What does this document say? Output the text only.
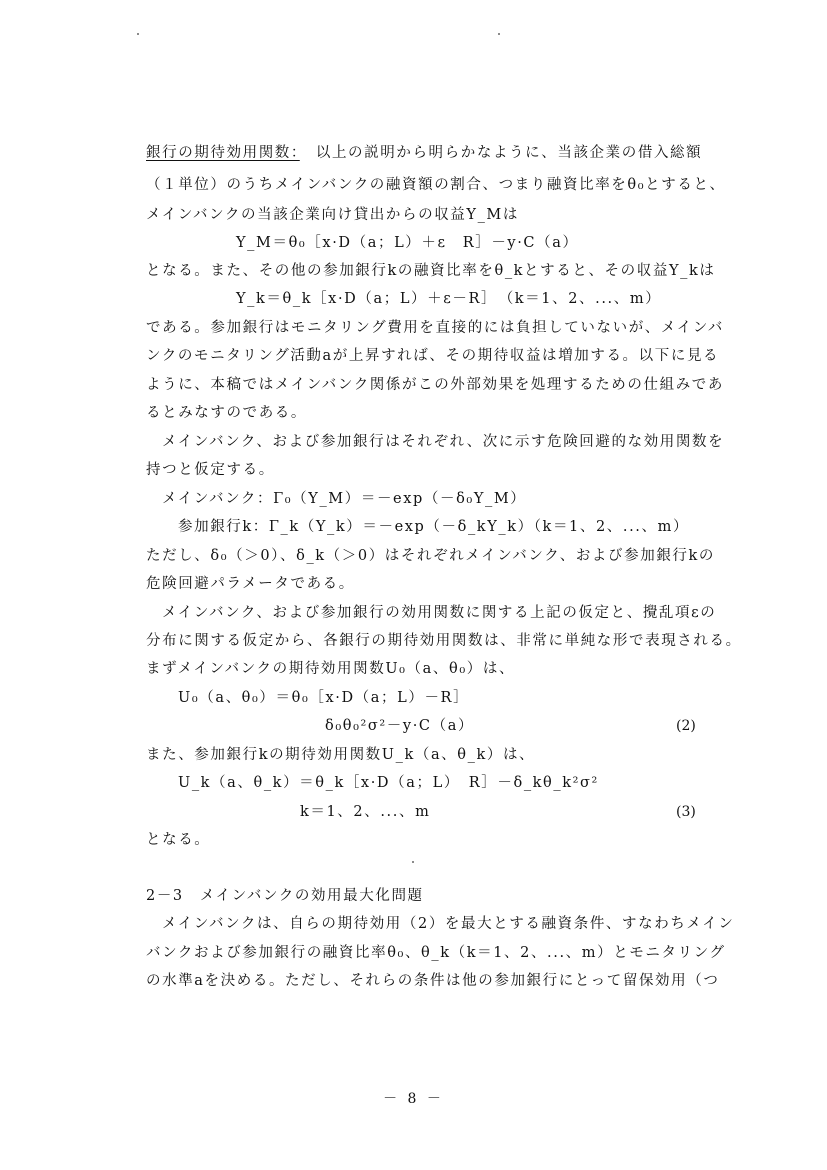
銀行の期待効用関数：　以上の説明から明らかなように、当該企業の借入総額
（１単位）のうちメインバンクの融資額の割合、つまり融資比率をθ₀とすると、
メインバンクの当該企業向け貸出からの収益Y_Mは
Y_M＝θ₀［x·D（a；L）＋ε　R］－y·C（a）
となる。また、その他の参加銀行kの融資比率をθ_kとすると、その収益Y_kは
Y_k＝θ_k［x·D（a；L）＋ε－R］　（k＝1、2、...、m）
である。参加銀行はモニタリング費用を直接的には負担していないが、メインバ
ンクのモニタリング活動aが上昇すれば、その期待収益は増加する。以下に見る
ように、本稿ではメインバンク関係がこの外部効果を処理するための仕組みであ
るとみなすのである。
メインバンク、および参加銀行はそれぞれ、次に示す危険回避的な効用関数を
持つと仮定する。
メインバンク：Γ₀（Y_M）＝－exp（－δ₀Y_M）
参加銀行k：Γ_k（Y_k）＝－exp（－δ_kY_k）（k＝1、2、...、m）
ただし、δ₀（＞0）、δ_k（＞0）はそれぞれメインバンク、および参加銀行kの
危険回避パラメータである。
メインバンク、および参加銀行の効用関数に関する上記の仮定と、攪乱項εの
分布に関する仮定から、各銀行の期待効用関数は、非常に単純な形で表現される。
まずメインバンクの期待効用関数U₀（a、θ₀）は、
U₀（a、θ₀）＝θ₀［x·D（a；L）－R］
δ₀θ₀²σ²－y·C（a）	(2)
また、参加銀行kの期待効用関数U_k（a、θ_k）は、
U_k（a、θ_k）＝θ_k［x·D（a；L）　R］－δ_kθ_k²σ²
k＝1、2、...、m	(3)
となる。
2－3　メインバンクの効用最大化問題
メインバンクは、自らの期待効用（2）を最大とする融資条件、すなわちメイン
バンクおよび参加銀行の融資比率θ₀、θ_k（k＝1、2、...、m）とモニタリング
の水準aを決める。ただし、それらの条件は他の参加銀行にとって留保効用（つ
－ 8 －
